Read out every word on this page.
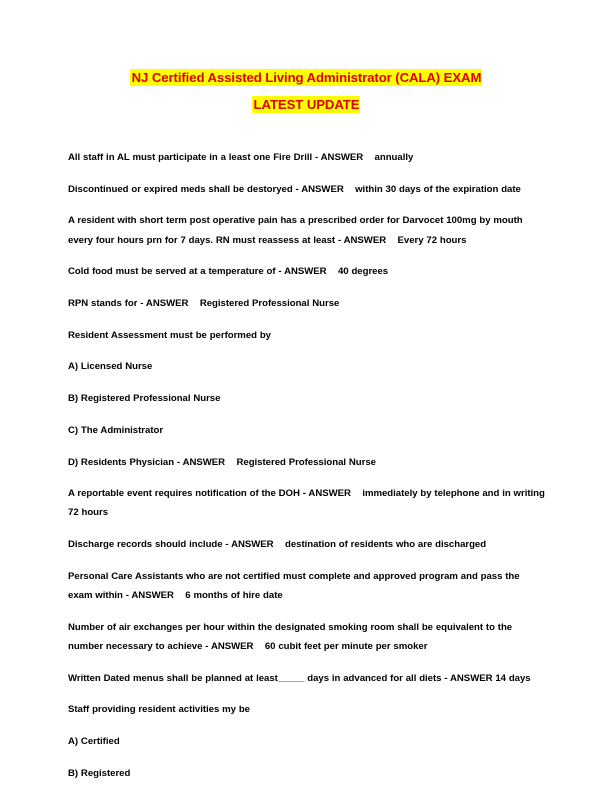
NJ Certified Assisted Living Administrator (CALA) EXAM
LATEST UPDATE

All staff in AL must participate in a least one Fire Drill - ANSWER    annually

Discontinued or expired meds shall be destoryed - ANSWER    within 30 days of the expiration date

A resident with short term post operative pain has a prescribed order for Darvocet 100mg by mouth every four hours prn for 7 days. RN must reassess at least - ANSWER    Every 72 hours

Cold food must be served at a temperature of - ANSWER    40 degrees

RPN stands for - ANSWER    Registered Professional Nurse

Resident Assessment must be performed by

A) Licensed Nurse

B) Registered Professional Nurse

C) The Administrator

D) Residents Physician - ANSWER    Registered Professional Nurse

A reportable event requires notification of the DOH - ANSWER    immediately by telephone and in writing 72 hours

Discharge records should include - ANSWER    destination of residents who are discharged

Personal Care Assistants who are not certified must complete and approved program and pass the exam within - ANSWER    6 months of hire date

Number of air exchanges per hour within the designated smoking room shall be equivalent to the number necessary to achieve - ANSWER    60 cubit feet per minute per smoker

Written Dated menus shall be planned at least_____ days in advanced for all diets - ANSWER 14 days

Staff providing resident activities my be

A) Certified

B) Registered
